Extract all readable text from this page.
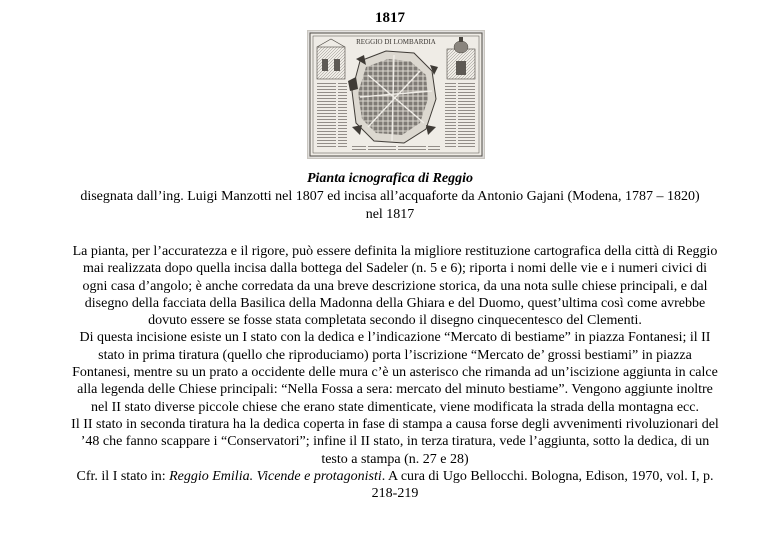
1817
REGGIO DI LOMBARDIA
Pianta icnografica di Reggio
disegnata dall’ing. Luigi Manzotti nel 1807 ed incisa all’acquaforte da Antonio Gajani (Modena, 1787 – 1820) nel 1817

La pianta, per l’accuratezza e il rigore, può essere definita la migliore restituzione cartografica della città di Reggio mai realizzata dopo quella incisa dalla bottega del Sadeler (n. 5 e 6); riporta i nomi delle vie e i numeri civici di ogni casa d’angolo; è anche corredata da una breve descrizione storica, da una nota sulle chiese principali, e dal disegno della facciata della Basilica della Madonna della Ghiara e del Duomo, quest’ultima così come avrebbe dovuto essere se fosse stata completata secondo il disegno cinquecentesco del Clementi.

Di questa incisione esiste un I stato con la dedica e l’indicazione “Mercato di bestiame” in piazza Fontanesi; il II stato in prima tiratura (quello che riproduciamo) porta l’iscrizione “Mercato de’ grossi bestiami” in piazza Fontanesi, mentre su un prato a occidente delle mura c’è un asterisco che rimanda ad un’iscizione aggiunta in calce alla legenda delle Chiese principali: “Nella Fossa a sera: mercato del minuto bestiame”. Vengono aggiunte inoltre nel II stato diverse piccole chiese che erano state dimenticate, viene modificata la strada della montagna ecc.

Il II stato in seconda tiratura ha la dedica coperta in fase di stampa a causa forse degli avvenimenti rivoluzionari del ’48 che fanno scappare i “Conservatori”; infine il II stato, in terza tiratura, vede l’aggiunta, sotto la dedica, di un testo a stampa (n. 27 e 28)

Cfr. il I stato in: Reggio Emilia. Vicende e protagonisti. A cura di Ugo Bellocchi. Bologna, Edison, 1970, vol. I, p. 218-219
